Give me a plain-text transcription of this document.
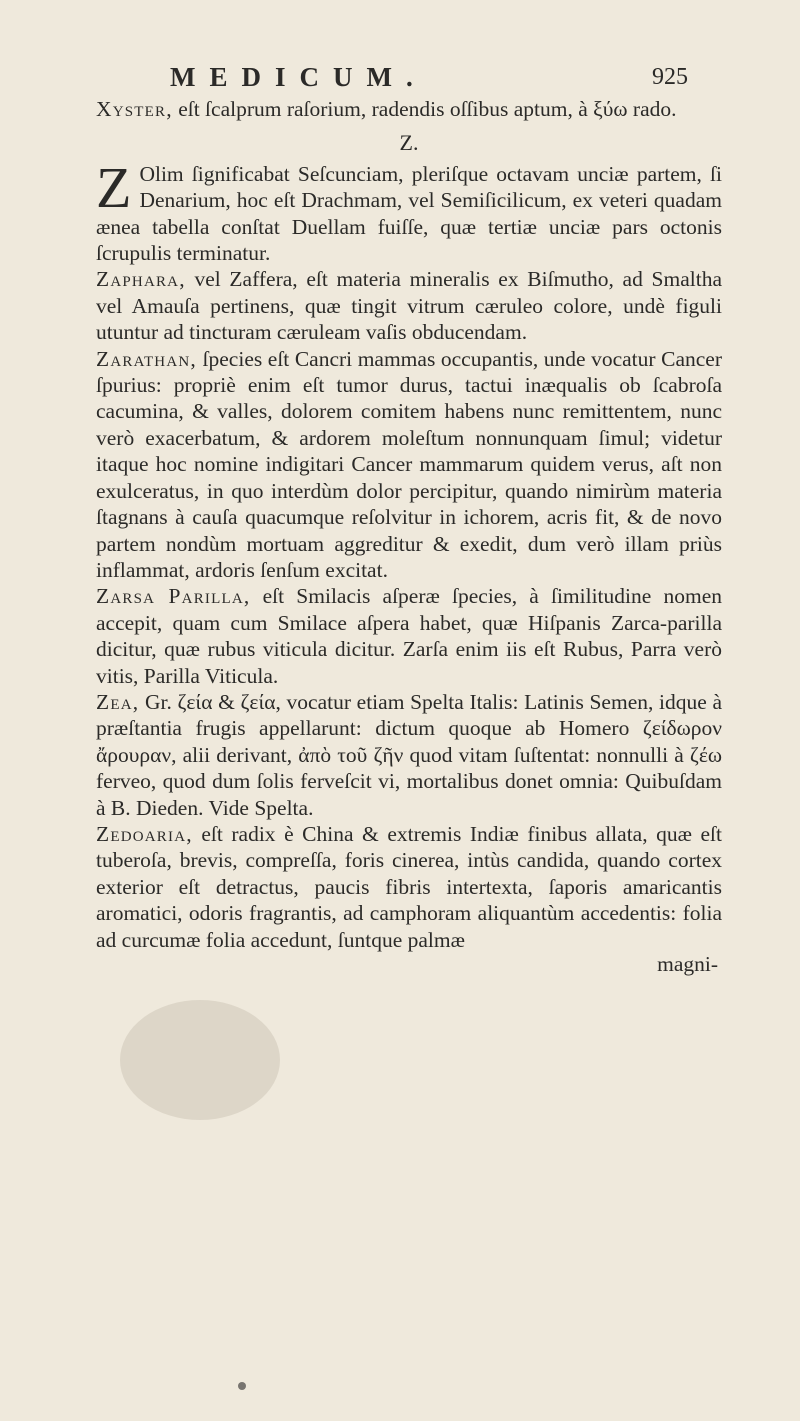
MEDICUM.	925

Xyster, eſt ſcalprum raſorium, radendis oſſibus aptum, à ξύω rado.

Z.

Z Olim ſignificabat Seſcunciam, pleriſque octavam unciæ partem, ſi Denarium, hoc eſt Drachmam, vel Semiſicilicum, ex veteri quadam ænea tabella conſtat Duellam fuiſſe, quæ tertiæ unciæ pars octonis ſcrupulis terminatur.

Zaphara, vel Zafferа, eſt materia mineralis ex Biſmutho, ad Smaltha vel Amauſa pertinens, quæ tingit vitrum cæruleo colore, undè figuli utuntur ad tincturam cæruleam vaſis obducendam.

Zarathan, ſpecies eſt Cancri mammas occupantis, unde vocatur Cancer ſpurius: propriè enim eſt tumor durus, tactui inæqualis ob ſcabroſa cacumina, & valles, dolorem comitem habens nunc remittentem, nunc verò exacerbatum, & ardorem moleſtum nonnunquam ſimul; videtur itaque hoc nomine indigitari Cancer mammarum quidem verus, aſt non exulceratus, in quo interdùm dolor percipitur, quando nimirùm materia ſtagnans à cauſa quacumque reſolvitur in ichorem, acris fit, & de novo partem nondùm mortuam aggreditur & exedit, dum verò illam priùs inflammat, ardoris ſenſum excitat.

Zarsa Parilla, eſt Smilacis aſperæ ſpecies, à ſimilitudine nomen accepit, quam cum Smilace aſpera habet, quæ Hiſpanis Zarca-parilla dicitur, quæ rubus viticula dicitur. Zarſa enim iis eſt Rubus, Parra verò vitis, Parilla Viticula.

Zea, Gr. ζεία & ζεία, vocatur etiam Spelta Italis: Latinis Semen, idque à præſtantia frugis appellarunt: dictum quoque ab Homero ζείδωρον ἄρουραν, alii derivant, ἀπὸ τοῦ ζῆν quod vitam ſuſtentat: nonnulli à ζέω ferveo, quod dum ſolis ferveſcit vi, mortalibus donet omnia: Quibuſdam à B. Dieden. Vide Spelta.

Zedoaria, eſt radix è China & extremis Indiæ finibus allata, quæ eſt tuberoſa, brevis, compreſſa, foris cinerea, intùs candida, quando cortex exterior eſt detractus, paucis fibris intertexta, ſaporis amaricantis aromatici, odoris fragrantis, ad camphoram aliquantùm accedentis: folia ad curcumæ folia accedunt, ſuntque palmæ

magni-
